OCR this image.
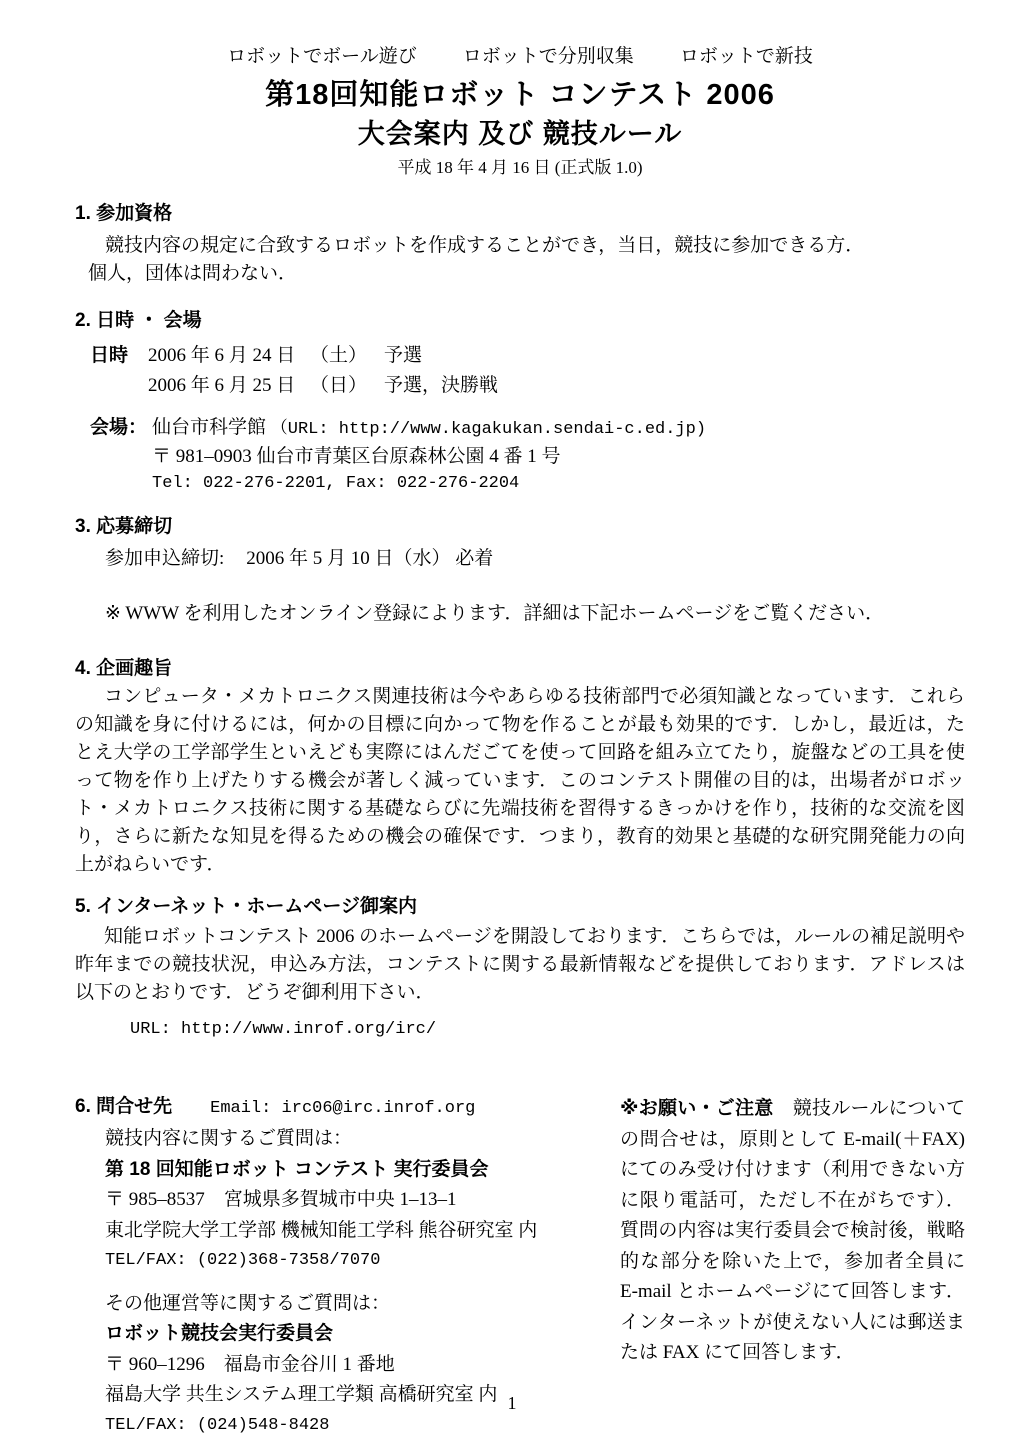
ロボットでボール遊び ロボットで分別収集 ロボットで新技
第18回知能ロボット コンテスト 2006
大会案内 及び 競技ルール
平成 18 年 4 月 16 日 (正式版 1.0)
1. 参加資格
競技内容の規定に合致するロボットを作成することができ，当日，競技に参加できる方．
個人，団体は問わない．
2. 日時 ・ 会場
日時 2006 年 6 月 24 日 （土） 予選
2006 年 6 月 25 日 （日） 予選，決勝戦
会場： 仙台市科学館 （URL: http://www.kagakukan.sendai-c.ed.jp)
〒 981–0903 仙台市青葉区台原森林公園 4 番 1 号
Tel: 022-276-2201, Fax: 022-276-2204
3. 応募締切
参加申込締切: 2006 年 5 月 10 日（水） 必着
※ WWW を利用したオンライン登録によります．詳細は下記ホームページをご覧ください．
4. 企画趣旨

コンピュータ・メカトロニクス関連技術は今やあらゆる技術部門で必須知識となっています．これらの知識を身に付けるには，何かの目標に向かって物を作ることが最も効果的です．しかし，最近は，たとえ大学の工学部学生といえども実際にはんだごてを使って回路を組み立てたり，旋盤などの工具を使って物を作り上げたりする機会が著しく減っています．このコンテスト開催の目的は，出場者がロボット・メカトロニクス技術に関する基礎ならびに先端技術を習得するきっかけを作り，技術的な交流を図り，さらに新たな知見を得るための機会の確保です．つまり，教育的効果と基礎的な研究開発能力の向上がねらいです．

5. インターネット・ホームページ御案内

知能ロボットコンテスト 2006 のホームページを開設しております．こちらでは，ルールの補足説明や昨年までの競技状況，申込み方法，コンテストに関する最新情報などを提供しております．アドレスは以下のとおりです．どうぞ御利用下さい．

URL: http://www.inrof.org/irc/
6. 問合せ先 Email: irc06@irc.inrof.org
競技内容に関するご質問は：
第 18 回知能ロボット コンテスト 実行委員会
〒 985–8537　宮城県多賀城市中央 1–13–1
東北学院大学工学部 機械知能工学科 熊谷研究室 内
TEL/FAX: (022)368-7358/7070
その他運営等に関するご質問は：
ロボット競技会実行委員会
〒 960–1296　福島市金谷川 1 番地
福島大学 共生システム理工学類 高橋研究室 内
TEL/FAX: (024)548-8428

※お願い・ご注意　競技ルールについての問合せは，原則として E-mail(＋FAX) にてのみ受け付けます（利用できない方に限り電話可，ただし不在がちです）．質問の内容は実行委員会で検討後，戦略的な部分を除いた上で，参加者全員に E-mail とホームページにて回答します．インターネットが使えない人には郵送または FAX にて回答します．

1
